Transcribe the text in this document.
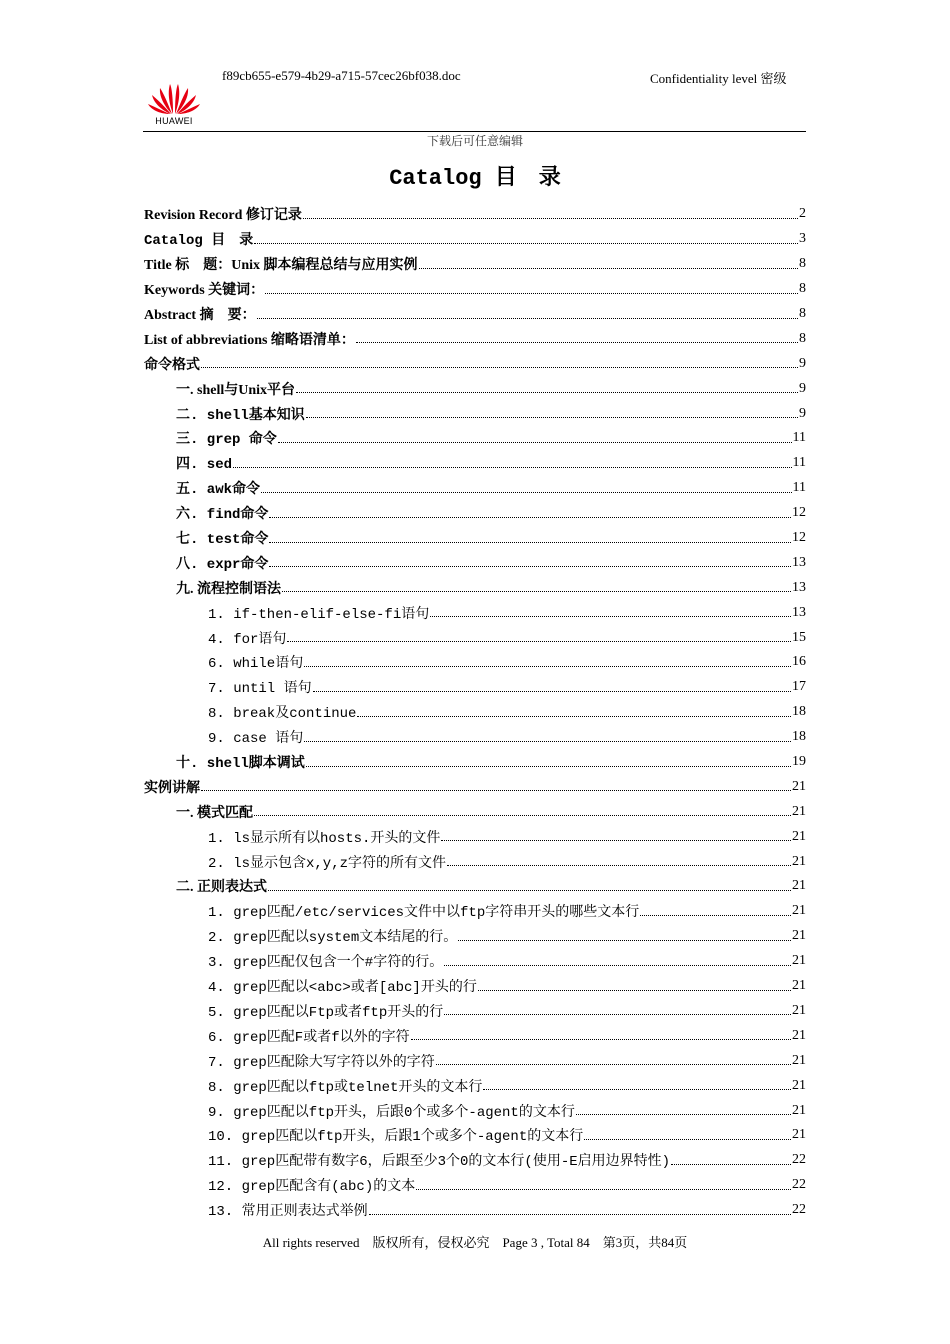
f89cb655-e579-4b29-a715-57cec26bf038.doc	Confidentiality level 密级
HUAWEI
下载后可任意编辑
Catalog 目　录
Revision Record 修订记录	2
Catalog 目　录	3
Title 标　题：Unix 脚本编程总结与应用实例	8
Keywords 关键词：	8
Abstract 摘　要：	8
List of abbreviations 缩略语清单：	8
命令格式	9
一. shell与Unix平台	9
二. shell基本知识	9
三. grep 命令	11
四. sed	11
五. awk命令	11
六. find命令	12
七. test命令	12
八. expr命令	13
九. 流程控制语法	13
1. if-then-elif-else-fi语句	13
4. for语句	15
6. while语句	16
7. until 语句	17
8. break及continue	18
9. case 语句	18
十. shell脚本调试	19
实例讲解	21
一. 模式匹配	21
1. ls显示所有以hosts.开头的文件	21
2. ls显示包含x,y,z字符的所有文件	21
二. 正则表达式	21
1. grep匹配/etc/services文件中以ftp字符串开头的哪些文本行	21
2. grep匹配以system文本结尾的行。	21
3. grep匹配仅包含一个#字符的行。	21
4. grep匹配以<abc>或者[abc]开头的行	21
5. grep匹配以Ftp或者ftp开头的行	21
6. grep匹配F或者f以外的字符	21
7. grep匹配除大写字符以外的字符	21
8. grep匹配以ftp或telnet开头的文本行	21
9. grep匹配以ftp开头，后跟0个或多个-agent的文本行	21
10. grep匹配以ftp开头，后跟1个或多个-agent的文本行	21
11. grep匹配带有数字6，后跟至少3个0的文本行(使用-E启用边界特性)	22
12. grep匹配含有(abc)的文本	22
13. 常用正则表达式举例	22
All rights reserved　版权所有，侵权必究　Page 3 , Total 84　第3页，共84页
